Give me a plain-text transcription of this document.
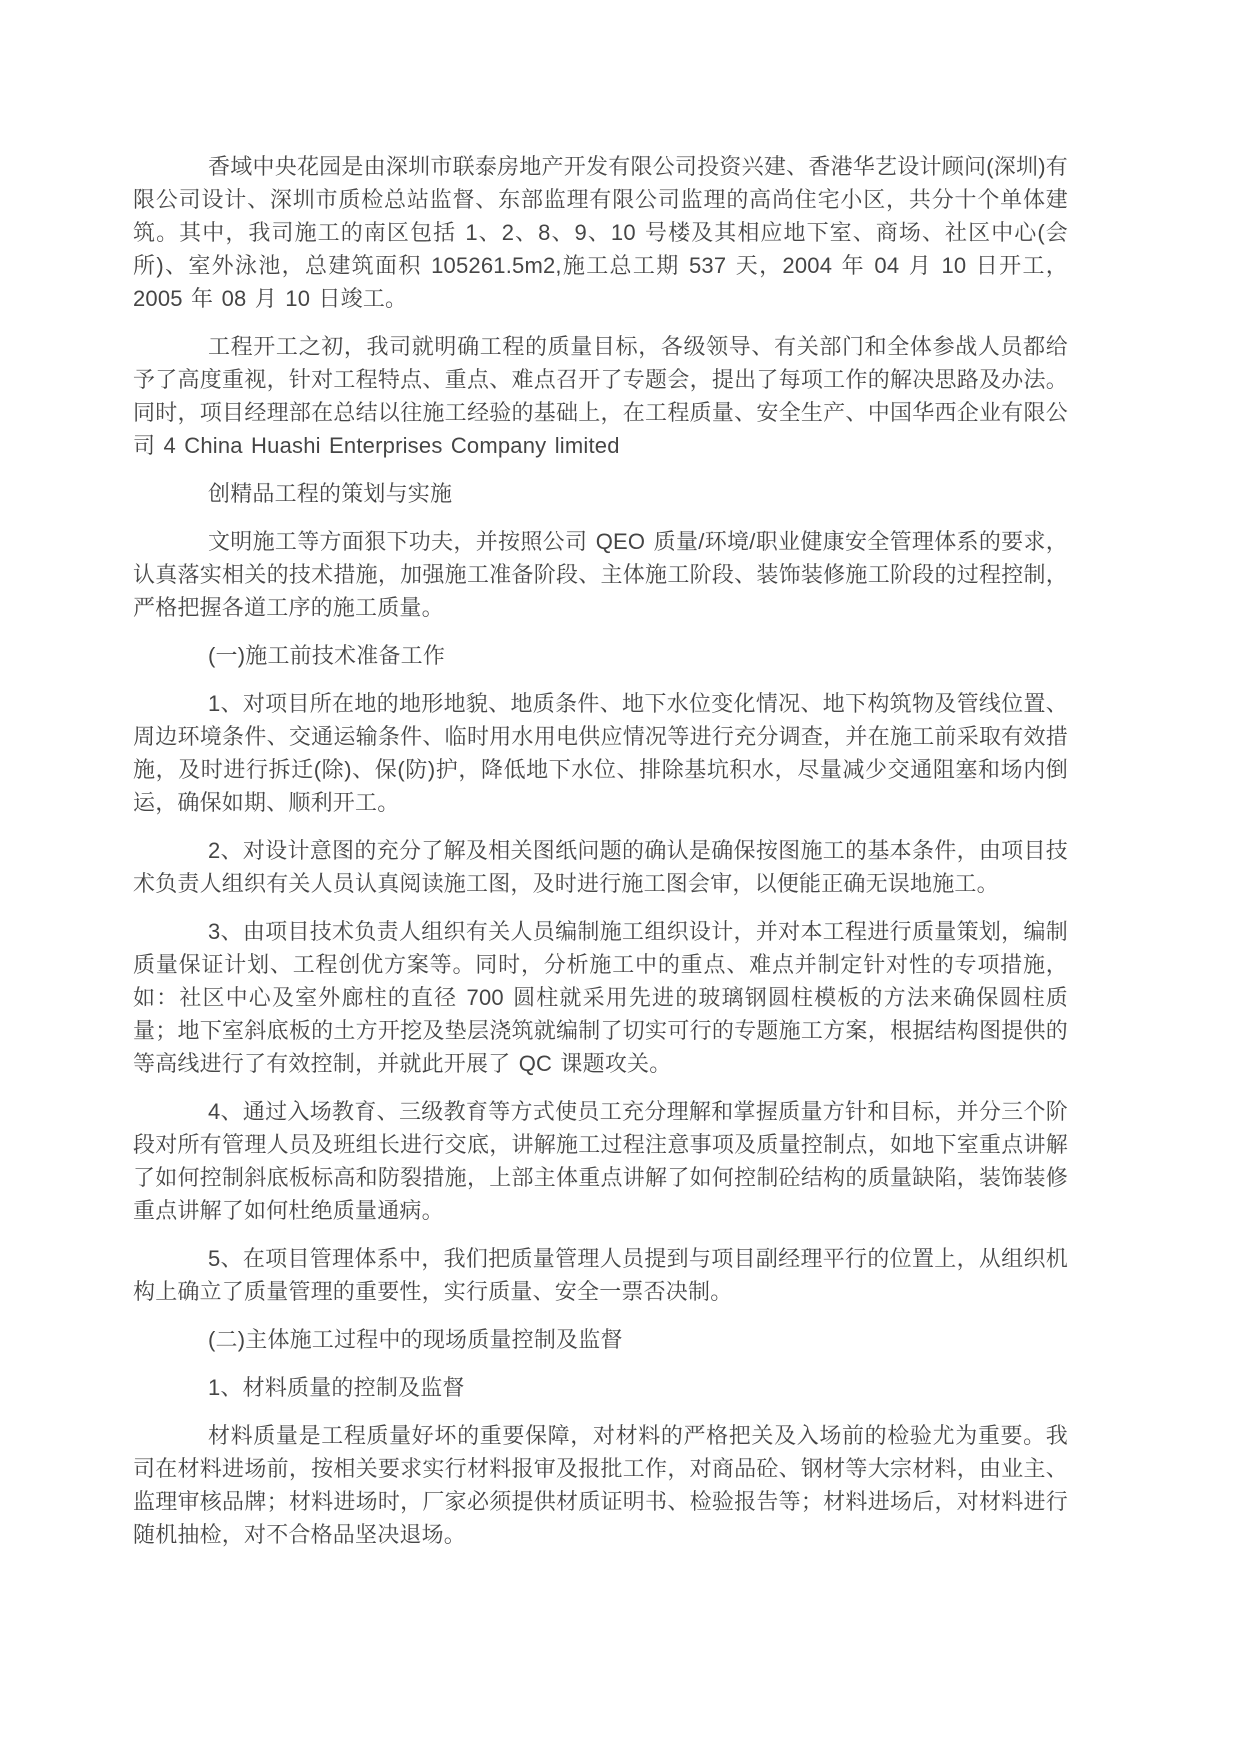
香域中央花园是由深圳市联泰房地产开发有限公司投资兴建、香港华艺设计顾问(深圳)有限公司设计、深圳市质检总站监督、东部监理有限公司监理的高尚住宅小区，共分十个单体建筑。其中，我司施工的南区包括 1、2、8、9、10 号楼及其相应地下室、商场、社区中心(会所)、室外泳池，总建筑面积 105261.5m2,施工总工期 537 天，2004 年 04 月 10 日开工，2005 年 08 月 10 日竣工。

工程开工之初，我司就明确工程的质量目标，各级领导、有关部门和全体参战人员都给予了高度重视，针对工程特点、重点、难点召开了专题会，提出了每项工作的解决思路及办法。同时，项目经理部在总结以往施工经验的基础上，在工程质量、安全生产、中国华西企业有限公司 4 China Huashi Enterprises Company limited

创精品工程的策划与实施

文明施工等方面狠下功夫，并按照公司 QEO 质量/环境/职业健康安全管理体系的要求，认真落实相关的技术措施，加强施工准备阶段、主体施工阶段、装饰装修施工阶段的过程控制，严格把握各道工序的施工质量。

(一)施工前技术准备工作

1、对项目所在地的地形地貌、地质条件、地下水位变化情况、地下构筑物及管线位置、周边环境条件、交通运输条件、临时用水用电供应情况等进行充分调查，并在施工前采取有效措施，及时进行拆迁(除)、保(防)护，降低地下水位、排除基坑积水，尽量减少交通阻塞和场内倒运，确保如期、顺利开工。

2、对设计意图的充分了解及相关图纸问题的确认是确保按图施工的基本条件，由项目技术负责人组织有关人员认真阅读施工图，及时进行施工图会审，以便能正确无误地施工。

3、由项目技术负责人组织有关人员编制施工组织设计，并对本工程进行质量策划，编制质量保证计划、工程创优方案等。同时，分析施工中的重点、难点并制定针对性的专项措施，如：社区中心及室外廊柱的直径 700 圆柱就采用先进的玻璃钢圆柱模板的方法来确保圆柱质量；地下室斜底板的土方开挖及垫层浇筑就编制了切实可行的专题施工方案，根据结构图提供的等高线进行了有效控制，并就此开展了 QC 课题攻关。

4、通过入场教育、三级教育等方式使员工充分理解和掌握质量方针和目标，并分三个阶段对所有管理人员及班组长进行交底，讲解施工过程注意事项及质量控制点，如地下室重点讲解了如何控制斜底板标高和防裂措施，上部主体重点讲解了如何控制砼结构的质量缺陷，装饰装修重点讲解了如何杜绝质量通病。

5、在项目管理体系中，我们把质量管理人员提到与项目副经理平行的位置上，从组织机构上确立了质量管理的重要性，实行质量、安全一票否决制。

(二)主体施工过程中的现场质量控制及监督

1、材料质量的控制及监督

材料质量是工程质量好坏的重要保障，对材料的严格把关及入场前的检验尤为重要。我司在材料进场前，按相关要求实行材料报审及报批工作，对商品砼、钢材等大宗材料，由业主、监理审核品牌；材料进场时，厂家必须提供材质证明书、检验报告等；材料进场后，对材料进行随机抽检，对不合格品坚决退场。
